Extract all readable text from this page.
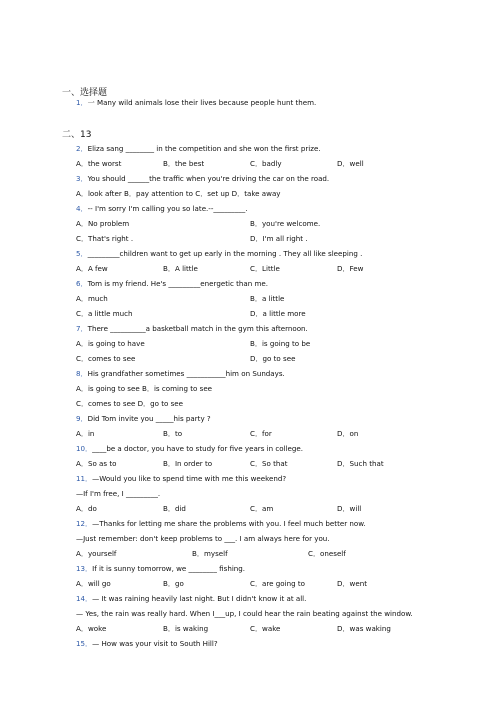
一、选择题
1．一 Many wild animals lose their lives because people hunt them.
二、13
2．Eliza sang ________ in the competition and she won the first prize.
A．the worst	B．the best	C．badly	D．well
3．You should ______the traffic when you're driving the car on the road.
A．look after B．pay attention to C．set up D．take away
4．-- I'm sorry I'm calling you so late.--_________.
A．No problem	B．you're welcome.
C．That's right .	D．I'm all right .
5．_________children want to get up early in the morning . They all like sleeping .
A．A few	B．A little	C．Little	D．Few
6．Tom is my friend. He's _________energetic than me.
A．much	B．a little
C．a little much	D．a little more
7．There __________a basketball match in the gym this afternoon.
A．is going to have	B．is going to be
C．comes to see	D．go to see
8．His grandfather sometimes ___________him on Sundays.
A．is going to see B．is coming to see
C．comes to see D．go to see
9．Did Tom invite you _____his party ?
A．in	B．to	C．for	D．on
10．____be a doctor, you have to study for five years in college.
A．So as to	B．In order to	C．So that	D．Such that
11．—Would you like to spend time with me this weekend?
—If I'm free, I _________.
A．do	B．did	C．am	D．will
12．—Thanks for letting me share the problems with you. I feel much better now.
—Just remember: don't keep problems to ___. I am always here for you.
A．yourself	B．myself	C．oneself
13．If it is sunny tomorrow, we ________ fishing.
A．will go	B．go	C．are going to	D．went
14．— It was raining heavily last night. But I didn't know it at all.
— Yes, the rain was really hard. When I___up, I could hear the rain beating against the window.
A．woke	B．is waking	C．wake	D．was waking
15．— How was your visit to South Hill?
